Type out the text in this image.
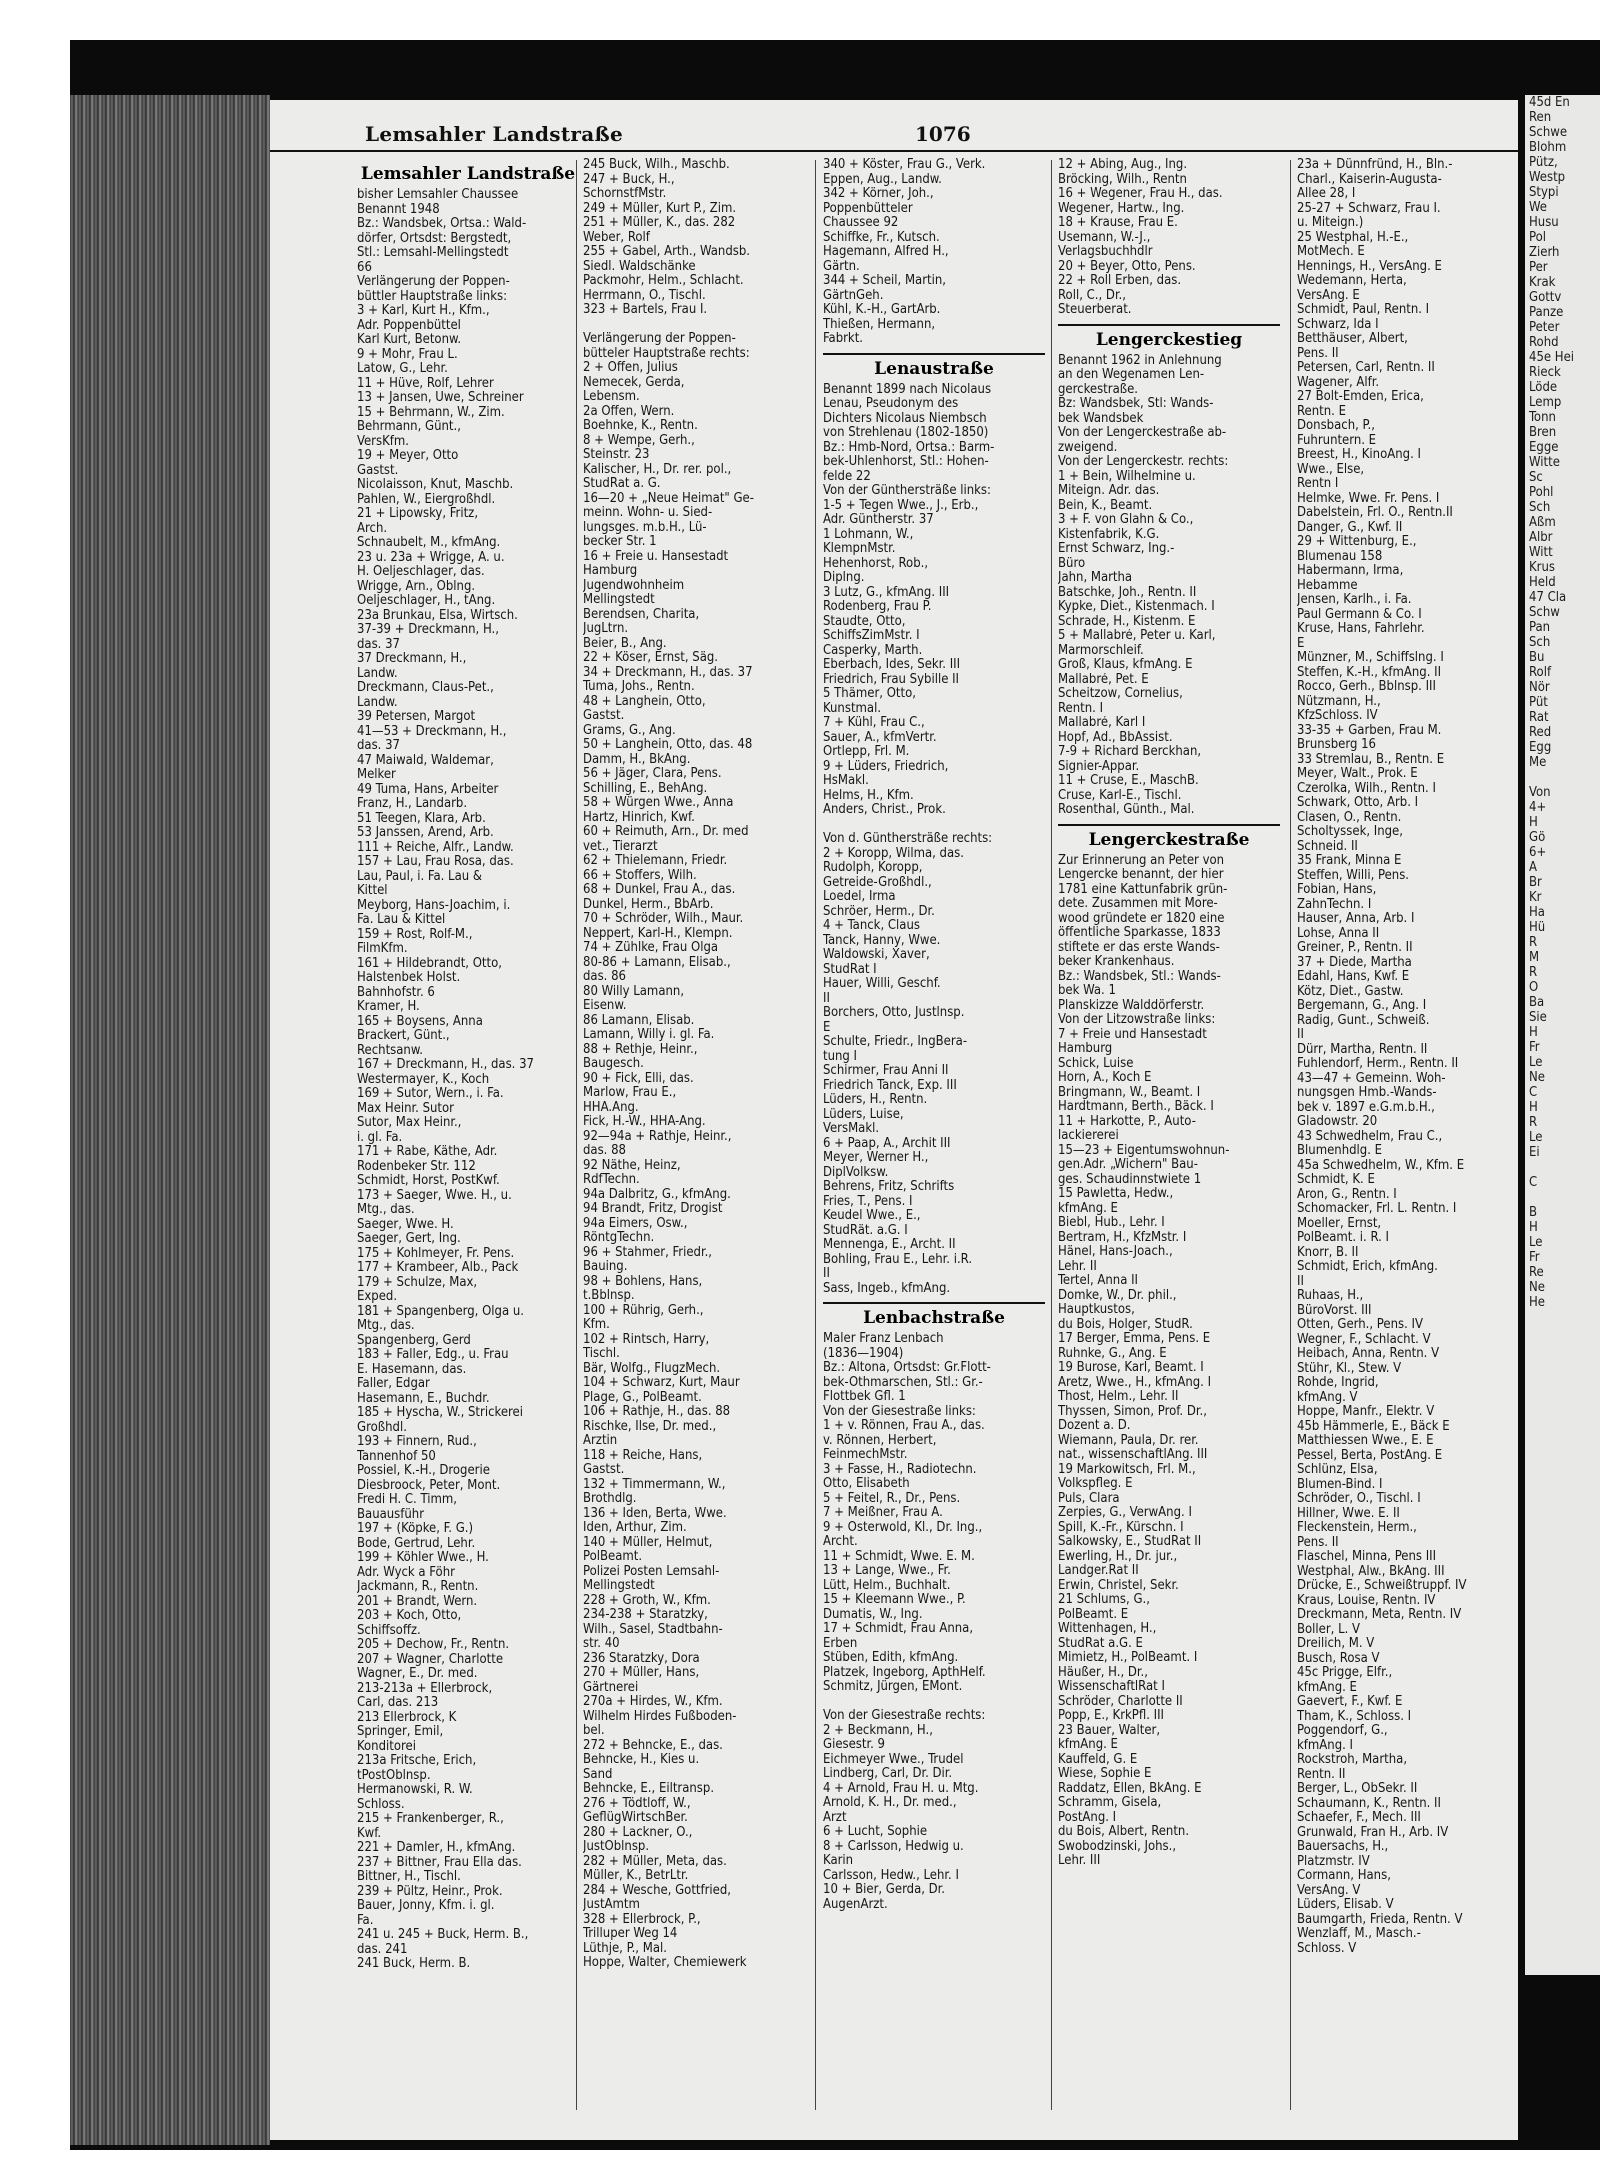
Lemsahler Landstraße	1076
Lemsahler Landstraße
bisher Lemsahler Chaussee
Benannt 1948
Bz.: Wandsbek, Ortsa.: Wald-
dörfer, Ortsdst: Bergstedt,
Stl.: Lemsahl-Mellingstedt
66
Verlängerung der Poppen-
büttler Hauptstraße links:
3 + Karl, Kurt H., Kfm.,
Adr. Poppenbüttel
Karl Kurt, Betonw.
9 + Mohr, Frau L.
Latow, G., Lehr.
11 + Hüve, Rolf, Lehrer
13 + Jansen, Uwe, Schreiner
15 + Behrmann, W., Zim.
Behrmann, Günt.,
VersKfm.
19 + Meyer, Otto
Gastst.
Nicolaisson, Knut, Maschb.
Pahlen, W., Eiergroßhdl.
21 + Lipowsky, Fritz,
Arch.
Schnaubelt, M., kfmAng.
23 u. 23a + Wrigge, A. u.
H. Oeljeschlager, das.
Wrigge, Arn., Oblng.
Oeljeschlager, H., tAng.
23a Brunkau, Elsa, Wirtsch.
37-39 + Dreckmann, H.,
das. 37
37 Dreckmann, H.,
Landw.
Dreckmann, Claus-Pet.,
Landw.
39 Petersen, Margot
41—53 + Dreckmann, H.,
das. 37
47 Maiwald, Waldemar,
Melker
49 Tuma, Hans, Arbeiter
Franz, H., Landarb.
51 Teegen, Klara, Arb.
53 Janssen, Arend, Arb.
111 + Reiche, Alfr., Landw.
157 + Lau, Frau Rosa, das.
Lau, Paul, i. Fa. Lau &
Kittel
Meyborg, Hans-Joachim, i.
Fa. Lau & Kittel
159 + Rost, Rolf-M.,
FilmKfm.
161 + Hildebrandt, Otto,
Halstenbek Holst.
Bahnhofstr. 6
Kramer, H.
165 + Boysens, Anna
Brackert, Günt.,
Rechtsanw.
167 + Dreckmann, H., das. 37
Westermayer, K., Koch
169 + Sutor, Wern., i. Fa.
Max Heinr. Sutor
Sutor, Max Heinr.,
i. gl. Fa.
171 + Rabe, Käthe, Adr.
Rodenbeker Str. 112
Schmidt, Horst, PostKwf.
173 + Saeger, Wwe. H., u.
Mtg., das.
Saeger, Wwe. H.
Saeger, Gert, Ing.
175 + Kohlmeyer, Fr. Pens.
177 + Krambeer, Alb., Pack
179 + Schulze, Max,
Exped.
181 + Spangenberg, Olga u.
Mtg., das.
Spangenberg, Gerd
183 + Faller, Edg., u. Frau
E. Hasemann, das.
Faller, Edgar
Hasemann, E., Buchdr.
185 + Hyscha, W., Strickerei
Großhdl.
193 + Finnern, Rud.,
Tannenhof 50
Possiel, K.-H., Drogerie
Diesbroock, Peter, Mont.
Fredi H. C. Timm,
Bauausführ
197 + (Köpke, F. G.)
Bode, Gertrud, Lehr.
199 + Köhler Wwe., H.
Adr. Wyck a Föhr
Jackmann, R., Rentn.
201 + Brandt, Wern.
203 + Koch, Otto,
Schiffsoffz.
205 + Dechow, Fr., Rentn.
207 + Wagner, Charlotte
Wagner, E., Dr. med.
213-213a + Ellerbrock,
Carl, das. 213
213 Ellerbrock, K
Springer, Emil,
Konditorei
213a Fritsche, Erich,
tPostOblnsp.
Hermanowski, R. W.
Schloss.
215 + Frankenberger, R.,
Kwf.
221 + Damler, H., kfmAng.
237 + Bittner, Frau Ella das.
Bittner, H., Tischl.
239 + Pültz, Heinr., Prok.
Bauer, Jonny, Kfm. i. gl.
Fa.
241 u. 245 + Buck, Herm. B.,
das. 241
241 Buck, Herm. B.
245 Buck, Wilh., Maschb.
247 + Buck, H.,
SchornstfMstr.
249 + Müller, Kurt P., Zim.
251 + Müller, K., das. 282
Weber, Rolf
255 + Gabel, Arth., Wandsb.
Siedl. Waldschänke
Packmohr, Helm., Schlacht.
Herrmann, O., Tischl.
323 + Bartels, Frau I.

Verlängerung der Poppen-
bütteler Hauptstraße rechts:
2 + Offen, Julius
Nemecek, Gerda,
Lebensm.
2a Offen, Wern.
Boehnke, K., Rentn.
8 + Wempe, Gerh.,
Steinstr. 23
Kalischer, H., Dr. rer. pol.,
StudRat a. G.
16—20 + „Neue Heimat" Ge-
meinn. Wohn- u. Sied-
lungsges. m.b.H., Lü-
becker Str. 1
16 + Freie u. Hansestadt
Hamburg
Jugendwohnheim
Mellingstedt
Berendsen, Charita,
JugLtrn.
Beier, B., Ang.
22 + Köser, Ernst, Säg.
34 + Dreckmann, H., das. 37
Tuma, Johs., Rentn.
48 + Langhein, Otto,
Gastst.
Grams, G., Ang.
50 + Langhein, Otto, das. 48
Damm, H., BkAng.
56 + Jäger, Clara, Pens.
Schilling, E., BehAng.
58 + Würgen Wwe., Anna
Hartz, Hinrich, Kwf.
60 + Reimuth, Arn., Dr. med
vet., Tierarzt
62 + Thielemann, Friedr.
66 + Stoffers, Wilh.
68 + Dunkel, Frau A., das.
Dunkel, Herm., BbArb.
70 + Schröder, Wilh., Maur.
Neppert, Karl-H., Klempn.
74 + Zühlke, Frau Olga
80-86 + Lamann, Elisab.,
das. 86
80 Willy Lamann,
Eisenw.
86 Lamann, Elisab.
Lamann, Willy i. gl. Fa.
88 + Rethje, Heinr.,
Baugesch.
90 + Fick, Elli, das.
Marlow, Frau E.,
HHA.Ang.
Fick, H.-W., HHA-Ang.
92—94a + Rathje, Heinr.,
das. 88
92 Näthe, Heinz,
RdfTechn.
94a Dalbritz, G., kfmAng.
94 Brandt, Fritz, Drogist
94a Eimers, Osw.,
RöntgTechn.
96 + Stahmer, Friedr.,
Bauing.
98 + Bohlens, Hans,
t.Bblnsp.
100 + Rührig, Gerh.,
Kfm.
102 + Rintsch, Harry,
Tischl.
Bär, Wolfg., FlugzMech.
104 + Schwarz, Kurt, Maur
Plage, G., PolBeamt.
106 + Rathje, H., das. 88
Rischke, Ilse, Dr. med.,
Ärztin
118 + Reiche, Hans,
Gastst.
132 + Timmermann, W.,
Brothdlg.
136 + Iden, Berta, Wwe.
Iden, Arthur, Zim.
140 + Müller, Helmut,
PolBeamt.
Polizei Posten Lemsahl-
Mellingstedt
228 + Groth, W., Kfm.
234-238 + Staratzky,
Wilh., Sasel, Stadtbahn-
str. 40
236 Staratzky, Dora
270 + Müller, Hans,
Gärtnerei
270a + Hirdes, W., Kfm.
Wilhelm Hirdes Fußboden-
bel.
272 + Behncke, E., das.
Behncke, H., Kies u.
Sand
Behncke, E., Eiltransp.
276 + Tödtloff, W.,
GeflügWirtschBer.
280 + Lackner, O.,
JustOblnsp.
282 + Müller, Meta, das.
Müller, K., BetrLtr.
284 + Wesche, Gottfried,
JustAmtm
328 + Ellerbrock, P.,
Trilluper Weg 14
Lüthje, P., Mal.
Hoppe, Walter, Chemiewerk
340 + Köster, Frau G., Verk.
Eppen, Aug., Landw.
342 + Körner, Joh.,
Poppenbütteler
Chaussee 92
Schiffke, Fr., Kutsch.
Hagemann, Alfred H.,
Gärtn.
344 + Scheil, Martin,
GärtnGeh.
Kühl, K.-H., GartArb.
Thießen, Hermann,
Fabrkt.
Lenaustraße
Benannt 1899 nach Nicolaus
Lenau, Pseudonym des
Dichters Nicolaus Niembsch
von Strehlenau (1802-1850)
Bz.: Hmb-Nord, Ortsa.: Barm-
bek-Uhlenhorst, Stl.: Hohen-
felde 22
Von der Günthersträße links:
1-5 + Tegen Wwe., J., Erb.,
Adr. Güntherstr. 37
1 Lohmann, W.,
KlempnMstr.
Hehenhorst, Rob.,
Diplng.
3 Lutz, G., kfmAng. III
Rodenberg, Frau P.
Staudte, Otto,
SchiffsZimMstr. I
Casperky, Marth.
Eberbach, Ides, Sekr. III
Friedrich, Frau Sybille II
5 Thämer, Otto,
Kunstmal.
7 + Kühl, Frau C.,
Sauer, A., kfmVertr.
Ortlepp, Frl. M.
9 + Lüders, Friedrich,
HsMakl.
Helms, H., Kfm.
Anders, Christ., Prok.

Von d. Günthersträße rechts:
2 + Koropp, Wilma, das.
Rudolph, Koropp,
Getreide-Großhdl.,
Loedel, Irma
Schröer, Herm., Dr.
4 + Tanck, Claus
Tanck, Hanny, Wwe.
Waldowski, Xaver,
StudRat I
Hauer, Willi, Geschf.
II
Borchers, Otto, Justlnsp.
E
Schulte, Friedr., IngBera-
tung I
Schirmer, Frau Anni II
Friedrich Tanck, Exp. III
Lüders, H., Rentn.
Lüders, Luise,
VersMakl.
6 + Paap, A., Archit III
Meyer, Werner H.,
DiplVolksw.
Behrens, Fritz, Schrifts
Fries, T., Pens. I
Keudel Wwe., E.,
StudRät. a.G. I
Mennenga, E., Archt. II
Bohling, Frau E., Lehr. i.R.
II
Sass, Ingeb., kfmAng.
Lenbachstraße
Maler Franz Lenbach
(1836—1904)
Bz.: Altona, Ortsdst: Gr.Flott-
bek-Othmarschen, Stl.: Gr.-
Flottbek Gfl. 1
Von der Giesestraße links:
1 + v. Rönnen, Frau A., das.
v. Rönnen, Herbert,
FeinmechMstr.
3 + Fasse, H., Radiotechn.
Otto, Elisabeth
5 + Feitel, R., Dr., Pens.
7 + Meißner, Frau A.
9 + Osterwold, Kl., Dr. Ing.,
Archt.
11 + Schmidt, Wwe. E. M.
13 + Lange, Wwe., Fr.
Lütt, Helm., Buchhalt.
15 + Kleemann Wwe., P.
Dumatis, W., Ing.
17 + Schmidt, Frau Anna,
Erben
Stüben, Edith, kfmAng.
Platzek, Ingeborg, ApthHelf.
Schmitz, Jürgen, EMont.

Von der Giesestraße rechts:
2 + Beckmann, H.,
Giesestr. 9
Eichmeyer Wwe., Trudel
Lindberg, Carl, Dr. Dir.
4 + Arnold, Frau H. u. Mtg.
Arnold, K. H., Dr. med.,
Arzt
6 + Lucht, Sophie
8 + Carlsson, Hedwig u.
Karin
Carlsson, Hedw., Lehr. I
10 + Bier, Gerda, Dr.
AugenArzt.
12 + Abing, Aug., Ing.
Bröcking, Wilh., Rentn
16 + Wegener, Frau H., das.
Wegener, Hartw., Ing.
18 + Krause, Frau E.
Usemann, W.-J.,
Verlagsbuchhdlr
20 + Beyer, Otto, Pens.
22 + Roll Erben, das.
Roll, C., Dr.,
Steuerberat.
Lengerckestieg
Benannt 1962 in Anlehnung
an den Wegenamen Len-
gerckestraße.
Bz: Wandsbek, Stl: Wands-
bek Wandsbek
Von der Lengerckestraße ab-
zweigend.
Von der Lengerckestr. rechts:
1 + Bein, Wilhelmine u.
Miteign. Adr. das.
Bein, K., Beamt.
3 + F. von Glahn & Co.,
Kistenfabrik, K.G.
Ernst Schwarz, Ing.-
Büro
Jahn, Martha
Batschke, Joh., Rentn. II
Kypke, Diet., Kistenmach. I
Schrade, H., Kistenm. E
5 + Mallabré, Peter u. Karl,
Marmorschleif.
Groß, Klaus, kfmAng. E
Mallabré, Pet. E
Scheitzow, Cornelius,
Rentn. I
Mallabré, Karl I
Hopf, Ad., BbAssist.
7-9 + Richard Berckhan,
Signier-Appar.
11 + Cruse, E., MaschB.
Cruse, Karl-E., Tischl.
Rosenthal, Günth., Mal.
Lengerckestraße
Zur Erinnerung an Peter von
Lengercke benannt, der hier
1781 eine Kattunfabrik grün-
dete. Zusammen mit More-
wood gründete er 1820 eine
öffentliche Sparkasse, 1833
stiftete er das erste Wands-
beker Krankenhaus.
Bz.: Wandsbek, Stl.: Wands-
bek Wa. 1
Planskizze Walddörferstr.
Von der Litzowstraße links:
7 + Freie und Hansestadt
Hamburg
Schick, Luise
Horn, A., Koch E
Bringmann, W., Beamt. I
Hardtmann, Berth., Bäck. I
11 + Harkotte, P., Auto-
lackiererei
15—23 + Eigentumswohnun-
gen.Adr. „Wichern" Bau-
ges. Schaudinnstwiete 1
15 Pawletta, Hedw.,
kfmAng. E
Biebl, Hub., Lehr. I
Bertram, H., KfzMstr. I
Hänel, Hans-Joach.,
Lehr. II
Tertel, Anna II
Domke, W., Dr. phil.,
Hauptkustos,
du Bois, Holger, StudR.
17 Berger, Emma, Pens. E
Ruhnke, G., Ang. E
19 Burose, Karl, Beamt. I
Aretz, Wwe., H., kfmAng. I
Thost, Helm., Lehr. II
Thyssen, Simon, Prof. Dr.,
Dozent a. D.
Wiemann, Paula, Dr. rer.
nat., wissenschaftlAng. III
19 Markowitsch, Frl. M.,
Volkspfleg. E
Puls, Clara
Zerpies, G., VerwAng. I
Spill, K.-Fr., Kürschn. I
Salkowsky, E., StudRat II
Ewerling, H., Dr. jur.,
Landger.Rat II
Erwin, Christel, Sekr.
21 Schlums, G.,
PolBeamt. E
Wittenhagen, H.,
StudRat a.G. E
Mimietz, H., PolBeamt. I
Häußer, H., Dr.,
WissenschaftlRat I
Schröder, Charlotte II
Popp, E., KrkPfl. III
23 Bauer, Walter,
kfmAng. E
Kauffeld, G. E
Wiese, Sophie E
Raddatz, Ellen, BkAng. E
Schramm, Gisela,
PostAng. I
du Bois, Albert, Rentn.
Swobodzinski, Johs.,
Lehr. III
23a + Dünnfründ, H., Bln.-
Charl., Kaiserin-Augusta-
Allee 28, I
25-27 + Schwarz, Frau I.
u. Miteign.)
25 Westphal, H.-E.,
MotMech. E
Hennings, H., VersAng. E
Wedemann, Herta,
VersAng. E
Schmidt, Paul, Rentn. I
Schwarz, Ida I
Betthäuser, Albert,
Pens. II
Petersen, Carl, Rentn. II
Wagener, Alfr.
27 Bolt-Emden, Erica,
Rentn. E
Donsbach, P.,
Fuhruntern. E
Breest, H., KinoAng. I
Wwe., Else,
Rentn I
Helmke, Wwe. Fr. Pens. I
Dabelstein, Frl. O., Rentn.II
Danger, G., Kwf. II
29 + Wittenburg, E.,
Blumenau 158
Habermann, Irma,
Hebamme
Jensen, Karlh., i. Fa.
Paul Germann & Co. I
Kruse, Hans, Fahrlehr.
E
Münzner, M., Schiffslng. I
Steffen, K.-H., kfmAng. II
Rocco, Gerh., Bblnsp. III
Nützmann, H.,
KfzSchloss. IV
33-35 + Garben, Frau M.
Brunsberg 16
33 Stremlau, B., Rentn. E
Meyer, Walt., Prok. E
Czerolka, Wilh., Rentn. I
Schwark, Otto, Arb. I
Clasen, O., Rentn.
Scholtyssek, Inge,
Schneid. II
35 Frank, Minna E
Steffen, Willi, Pens.
Fobian, Hans,
ZahnTechn. I
Hauser, Anna, Arb. I
Lohse, Anna II
Greiner, P., Rentn. II
37 + Diede, Martha
Edahl, Hans, Kwf. E
Kötz, Diet., Gastw.
Bergemann, G., Ang. I
Radig, Gunt., Schweiß.
II
Dürr, Martha, Rentn. II
Fuhlendorf, Herm., Rentn. II
43—47 + Gemeinn. Woh-
nungsgen Hmb.-Wands-
bek v. 1897 e.G.m.b.H.,
Gladowstr. 20
43 Schwedhelm, Frau C.,
Blumenhdlg. E
45a Schwedhelm, W., Kfm. E
Schmidt, K. E
Aron, G., Rentn. I
Schomacker, Frl. L. Rentn. I
Moeller, Ernst,
PolBeamt. i. R. I
Knorr, B. II
Schmidt, Erich, kfmAng.
II
Ruhaas, H.,
BüroVorst. III
Otten, Gerh., Pens. IV
Wegner, F., Schlacht. V
Heibach, Anna, Rentn. V
Stühr, Kl., Stew. V
Rohde, Ingrid,
kfmAng. V
Hoppe, Manfr., Elektr. V
45b Hämmerle, E., Bäck E
Matthiessen Wwe., E. E
Pessel, Berta, PostAng. E
Schlünz, Elsa,
Blumen-Bind. I
Schröder, O., Tischl. I
Hillner, Wwe. E. II
Fleckenstein, Herm.,
Pens. II
Flaschel, Minna, Pens III
Westphal, Alw., BkAng. III
Drücke, E., Schweißtruppf. IV
Kraus, Louise, Rentn. IV
Dreckmann, Meta, Rentn. IV
Boller, L. V
Dreilich, M. V
Busch, Rosa V
45c Prigge, Elfr.,
kfmAng. E
Gaevert, F., Kwf. E
Tham, K., Schloss. I
Poggendorf, G.,
kfmAng. I
Rockstroh, Martha,
Rentn. II
Berger, L., ObSekr. II
Schaumann, K., Rentn. II
Schaefer, F., Mech. III
Grunwald, Fran H., Arb. IV
Bauersachs, H.,
Platzmstr. IV
Cormann, Hans,
VersAng. V
Lüders, Elisab. V
Baumgarth, Frieda, Rentn. V
Wenzlaff, M., Masch.-
Schloss. V
45d En
Ren
Schwe
Blohm
Pütz,
Westp
Stypi
We
Husu
Pol
Zierh
Per
Krak
Gottv
Panze
Peter
Rohd
45e Hei
Rieck
Löde
Lemp
Tonn
Bren
Egge
Witte
Sc
Pohl
Sch
Aßm
Albr
Witt
Krus
Held
47 Cla
Schw
Pan
Sch
Bu
Rolf
Nör
Püt
Rat
Red
Egg
Me

Von
4+
H
Gö
6+
A
Br
Kr
Ha
Hü
R
M
R
O
Ba
Sie
H
Fr
Le
Ne
C
H
R
Le
Ei

C

B
H
Le
Fr
Re
Ne
He
